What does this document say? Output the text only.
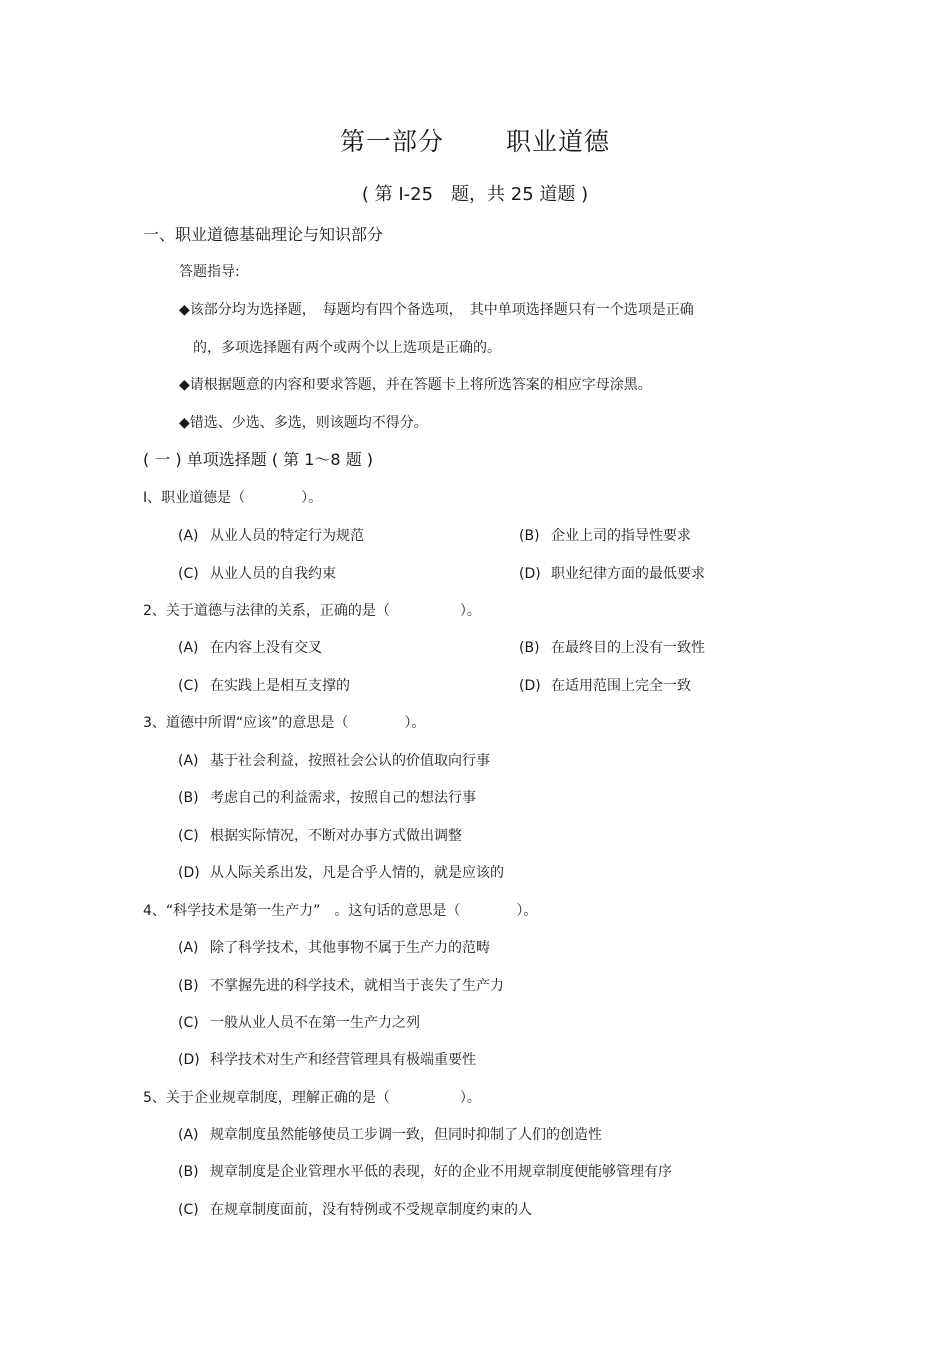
第一部分 职业道德
( 第 I-25　题，共 25 道题 )
一、职业道德基础理论与知识部分
答题指导:
◆该部分均为选择题，　每题均有四个备选项，　其中单项选择题只有一个选项是正确
的，多项选择题有两个或两个以上选项是正确的。
◆请根据题意的内容和要求答题，并在答题卡上将所选答案的相应字母涂黑。
◆错选、少选、多选，则该题均不得分。
( 一 ) 单项选择题 ( 第 1～8 题 )
I、职业道德是（　　　　）。
(A) 从业人员的特定行为规范	(B) 企业上司的指导性要求
(C) 从业人员的自我约束	(D) 职业纪律方面的最低要求
2、关于道德与法律的关系，正确的是（　　　　　）。
(A) 在内容上没有交叉	(B) 在最终目的上没有一致性
(C) 在实践上是相互支撑的	(D) 在适用范围上完全一致
3、道德中所谓“应该”的意思是（　　　　）。
(A) 基于社会利益，按照社会公认的价值取向行事
(B) 考虑自己的利益需求，按照自己的想法行事
(C) 根据实际情况，不断对办事方式做出调整
(D) 从人际关系出发，凡是合乎人情的，就是应该的
4、“科学技术是第一生产力”　。这句话的意思是（　　　　）。
(A) 除了科学技术，其他事物不属于生产力的范畴
(B) 不掌握先进的科学技术，就相当于丧失了生产力
(C) 一般从业人员不在第一生产力之列
(D) 科学技术对生产和经营管理具有极端重要性
5、关于企业规章制度，理解正确的是（　　　　　）。
(A) 规章制度虽然能够使员工步调一致，但同时抑制了人们的创造性
(B) 规章制度是企业管理水平低的表现，好的企业不用规章制度便能够管理有序
(C) 在规章制度面前，没有特例或不受规章制度约束的人
